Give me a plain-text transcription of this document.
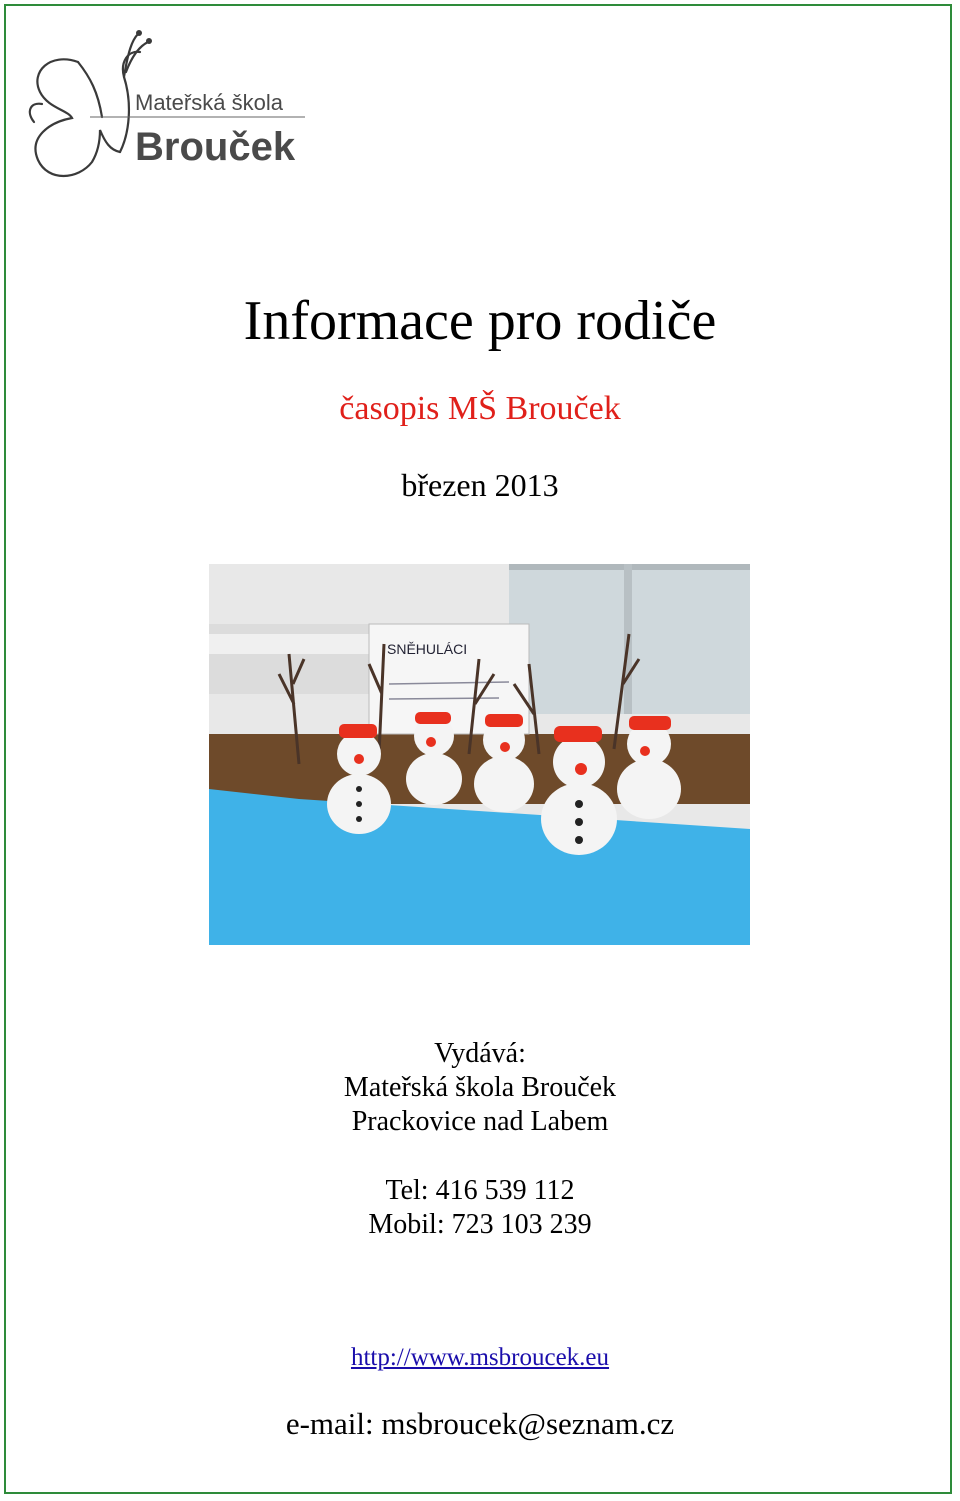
Mateřská škola
Brouček
Informace pro rodiče
časopis MŠ Brouček
březen 2013
SNĚHULÁCI
Vydává:
Mateřská škola Brouček
Prackovice nad Labem
Tel: 416 539 112
Mobil: 723 103 239
http://www.msbroucek.eu
e-mail: msbroucek@seznam.cz
